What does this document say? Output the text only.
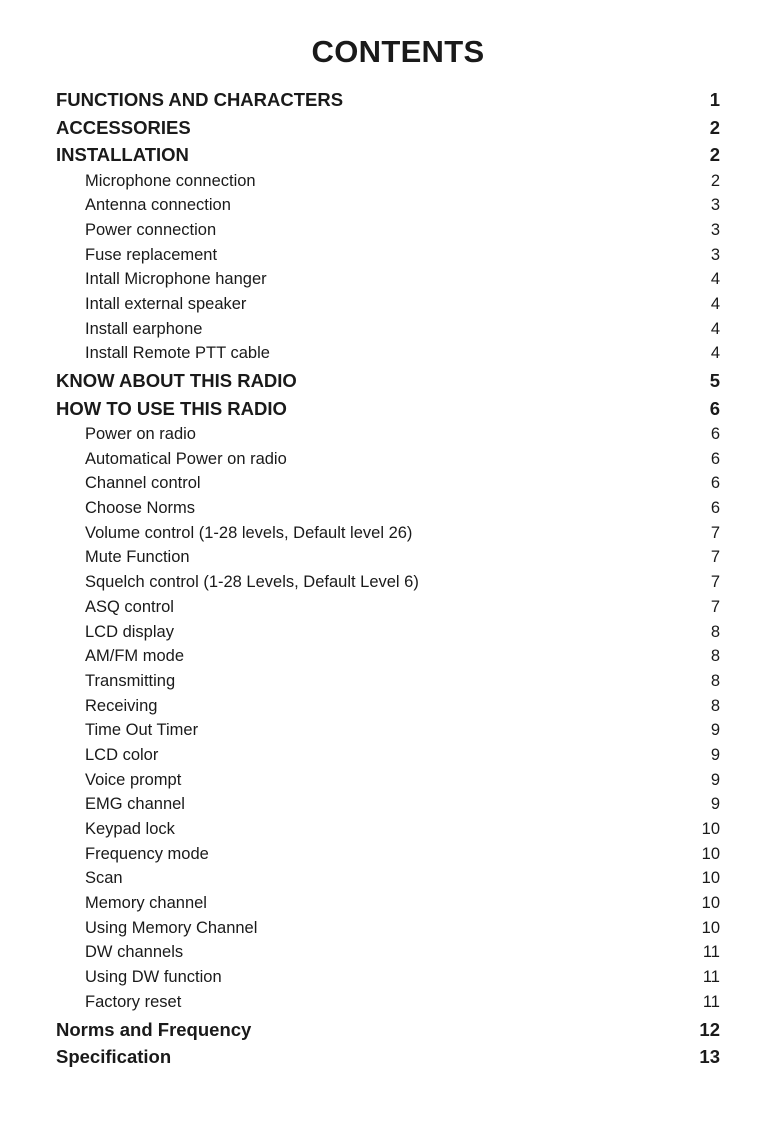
CONTENTS
FUNCTIONS AND CHARACTERS	1
ACCESSORIES	2
INSTALLATION	2
Microphone connection	2
Antenna connection	3
Power connection	3
Fuse replacement	3
Intall Microphone hanger	4
Intall external speaker	4
Install earphone	4
Install Remote PTT cable	4
KNOW ABOUT THIS RADIO	5
HOW TO USE THIS RADIO	6
Power on radio	6
Automatical Power on radio	6
Channel control	6
Choose Norms	6
Volume control (1-28 levels, Default level 26)	7
Mute Function	7
Squelch control (1-28 Levels, Default Level 6)	7
ASQ control	7
LCD display	8
AM/FM mode	8
Transmitting	8
Receiving	8
Time Out Timer	9
LCD color	9
Voice prompt	9
EMG channel	9
Keypad lock	10
Frequency mode	10
Scan	10
Memory channel	10
Using Memory Channel	10
DW channels	11
Using DW function	11
Factory reset	11
Norms and Frequency	12
Specification	13
